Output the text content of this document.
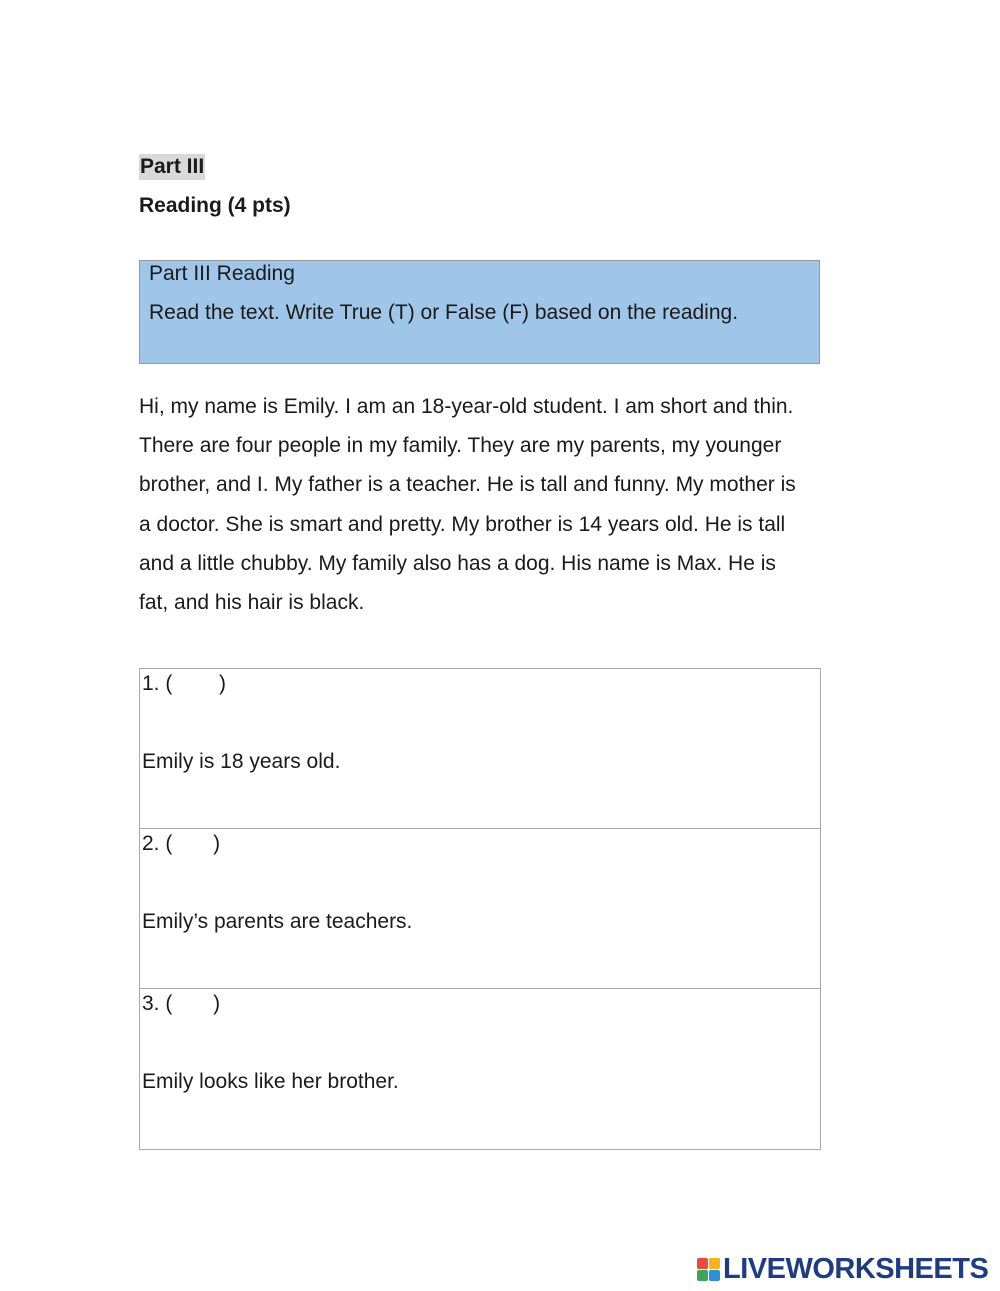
Part III
Reading (4 pts)
Part III Reading
Read the text. Write True (T) or False (F) based on the reading.
Hi, my name is Emily. I am an 18-year-old student. I am short and thin.
There are four people in my family. They are my parents, my younger
brother, and I. My father is a teacher. He is tall and funny. My mother is
a doctor. She is smart and pretty. My brother is 14 years old. He is tall
and a little chubby. My family also has a dog. His name is Max. He is
fat, and his hair is black.
1. (        )
Emily is 18 years old.
2. (       )
Emily’s parents are teachers.
3. (       )
Emily looks like her brother.
LIVEWORKSHEETS
